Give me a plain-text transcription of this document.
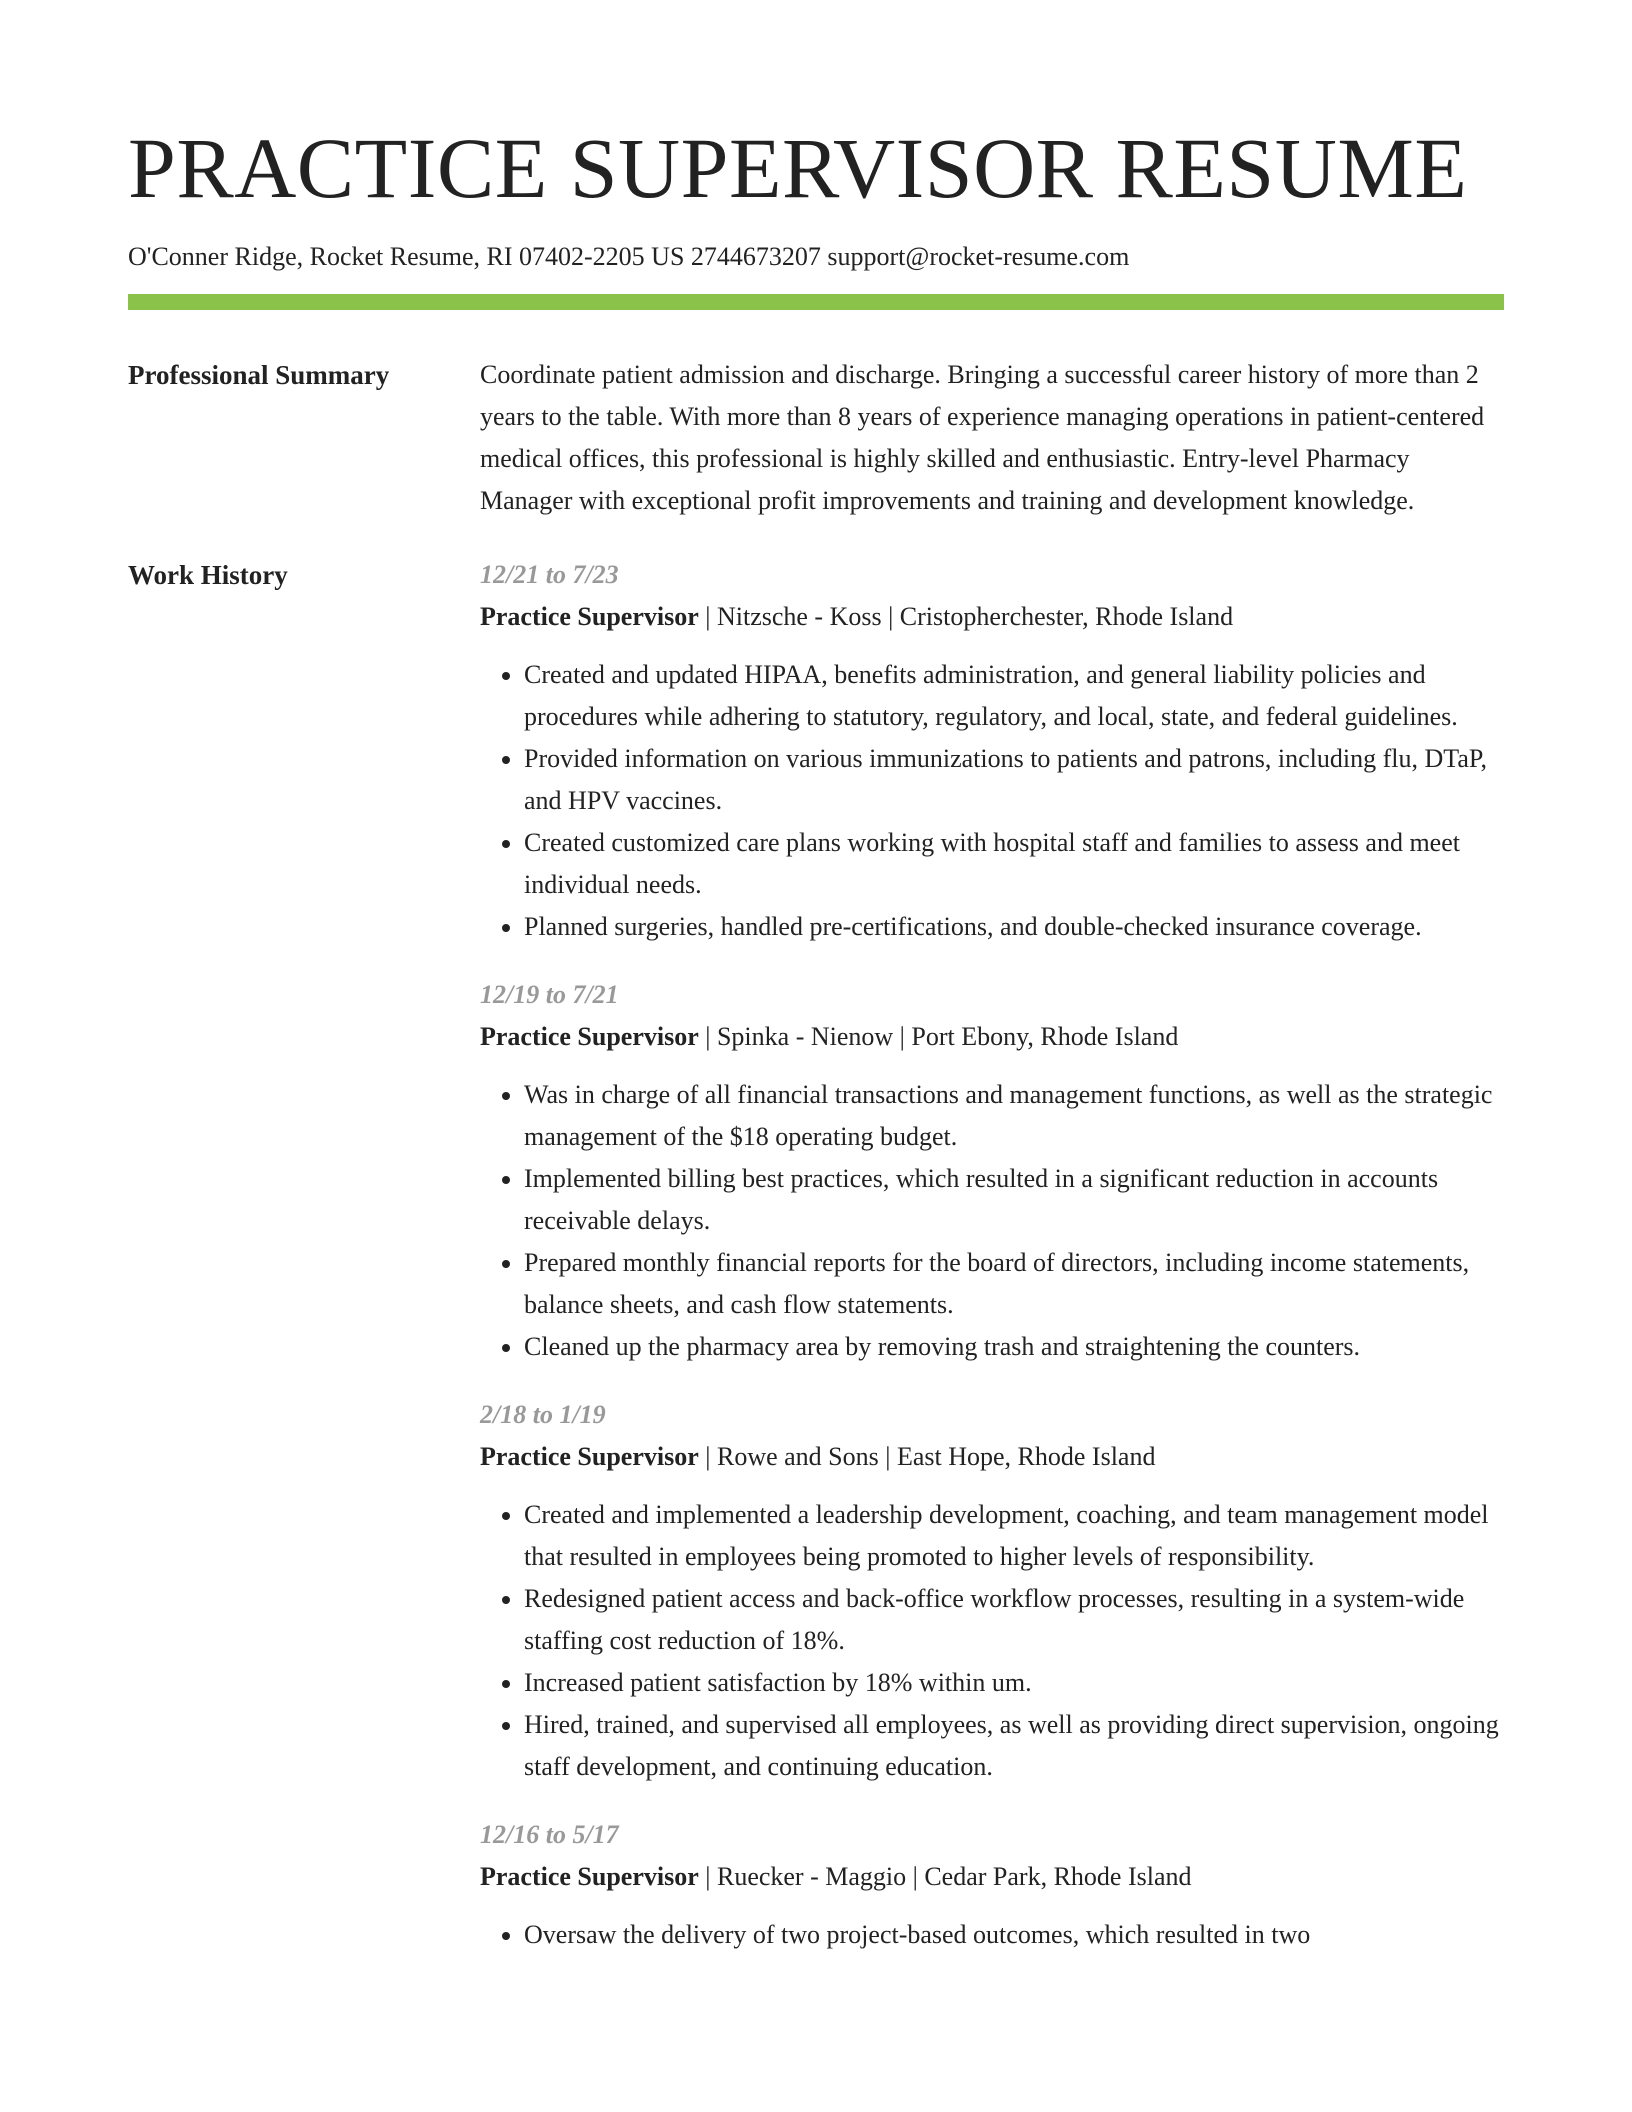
PRACTICE SUPERVISOR RESUME
O'Conner Ridge, Rocket Resume, RI 07402-2205 US 2744673207 support@rocket-resume.com
Professional Summary	Coordinate patient admission and discharge. Bringing a successful career history of more than 2 years to the table. With more than 8 years of experience managing operations in patient-centered medical offices, this professional is highly skilled and enthusiastic. Entry-level Pharmacy Manager with exceptional profit improvements and training and development knowledge.

Work History	12/21 to 7/23
Practice Supervisor | Nitzsche - Koss | Cristopherchester, Rhode Island
• Created and updated HIPAA, benefits administration, and general liability policies and procedures while adhering to statutory, regulatory, and local, state, and federal guidelines.
• Provided information on various immunizations to patients and patrons, including flu, DTaP, and HPV vaccines.
• Created customized care plans working with hospital staff and families to assess and meet individual needs.
• Planned surgeries, handled pre-certifications, and double-checked insurance coverage.
12/19 to 7/21
Practice Supervisor | Spinka - Nienow | Port Ebony, Rhode Island
• Was in charge of all financial transactions and management functions, as well as the strategic management of the $18 operating budget.
• Implemented billing best practices, which resulted in a significant reduction in accounts receivable delays.
• Prepared monthly financial reports for the board of directors, including income statements, balance sheets, and cash flow statements.
• Cleaned up the pharmacy area by removing trash and straightening the counters.
2/18 to 1/19
Practice Supervisor | Rowe and Sons | East Hope, Rhode Island
• Created and implemented a leadership development, coaching, and team management model that resulted in employees being promoted to higher levels of responsibility.
• Redesigned patient access and back-office workflow processes, resulting in a system-wide staffing cost reduction of 18%.
• Increased patient satisfaction by 18% within um.
• Hired, trained, and supervised all employees, as well as providing direct supervision, ongoing staff development, and continuing education.
12/16 to 5/17
Practice Supervisor | Ruecker - Maggio | Cedar Park, Rhode Island
• Oversaw the delivery of two project-based outcomes, which resulted in two
